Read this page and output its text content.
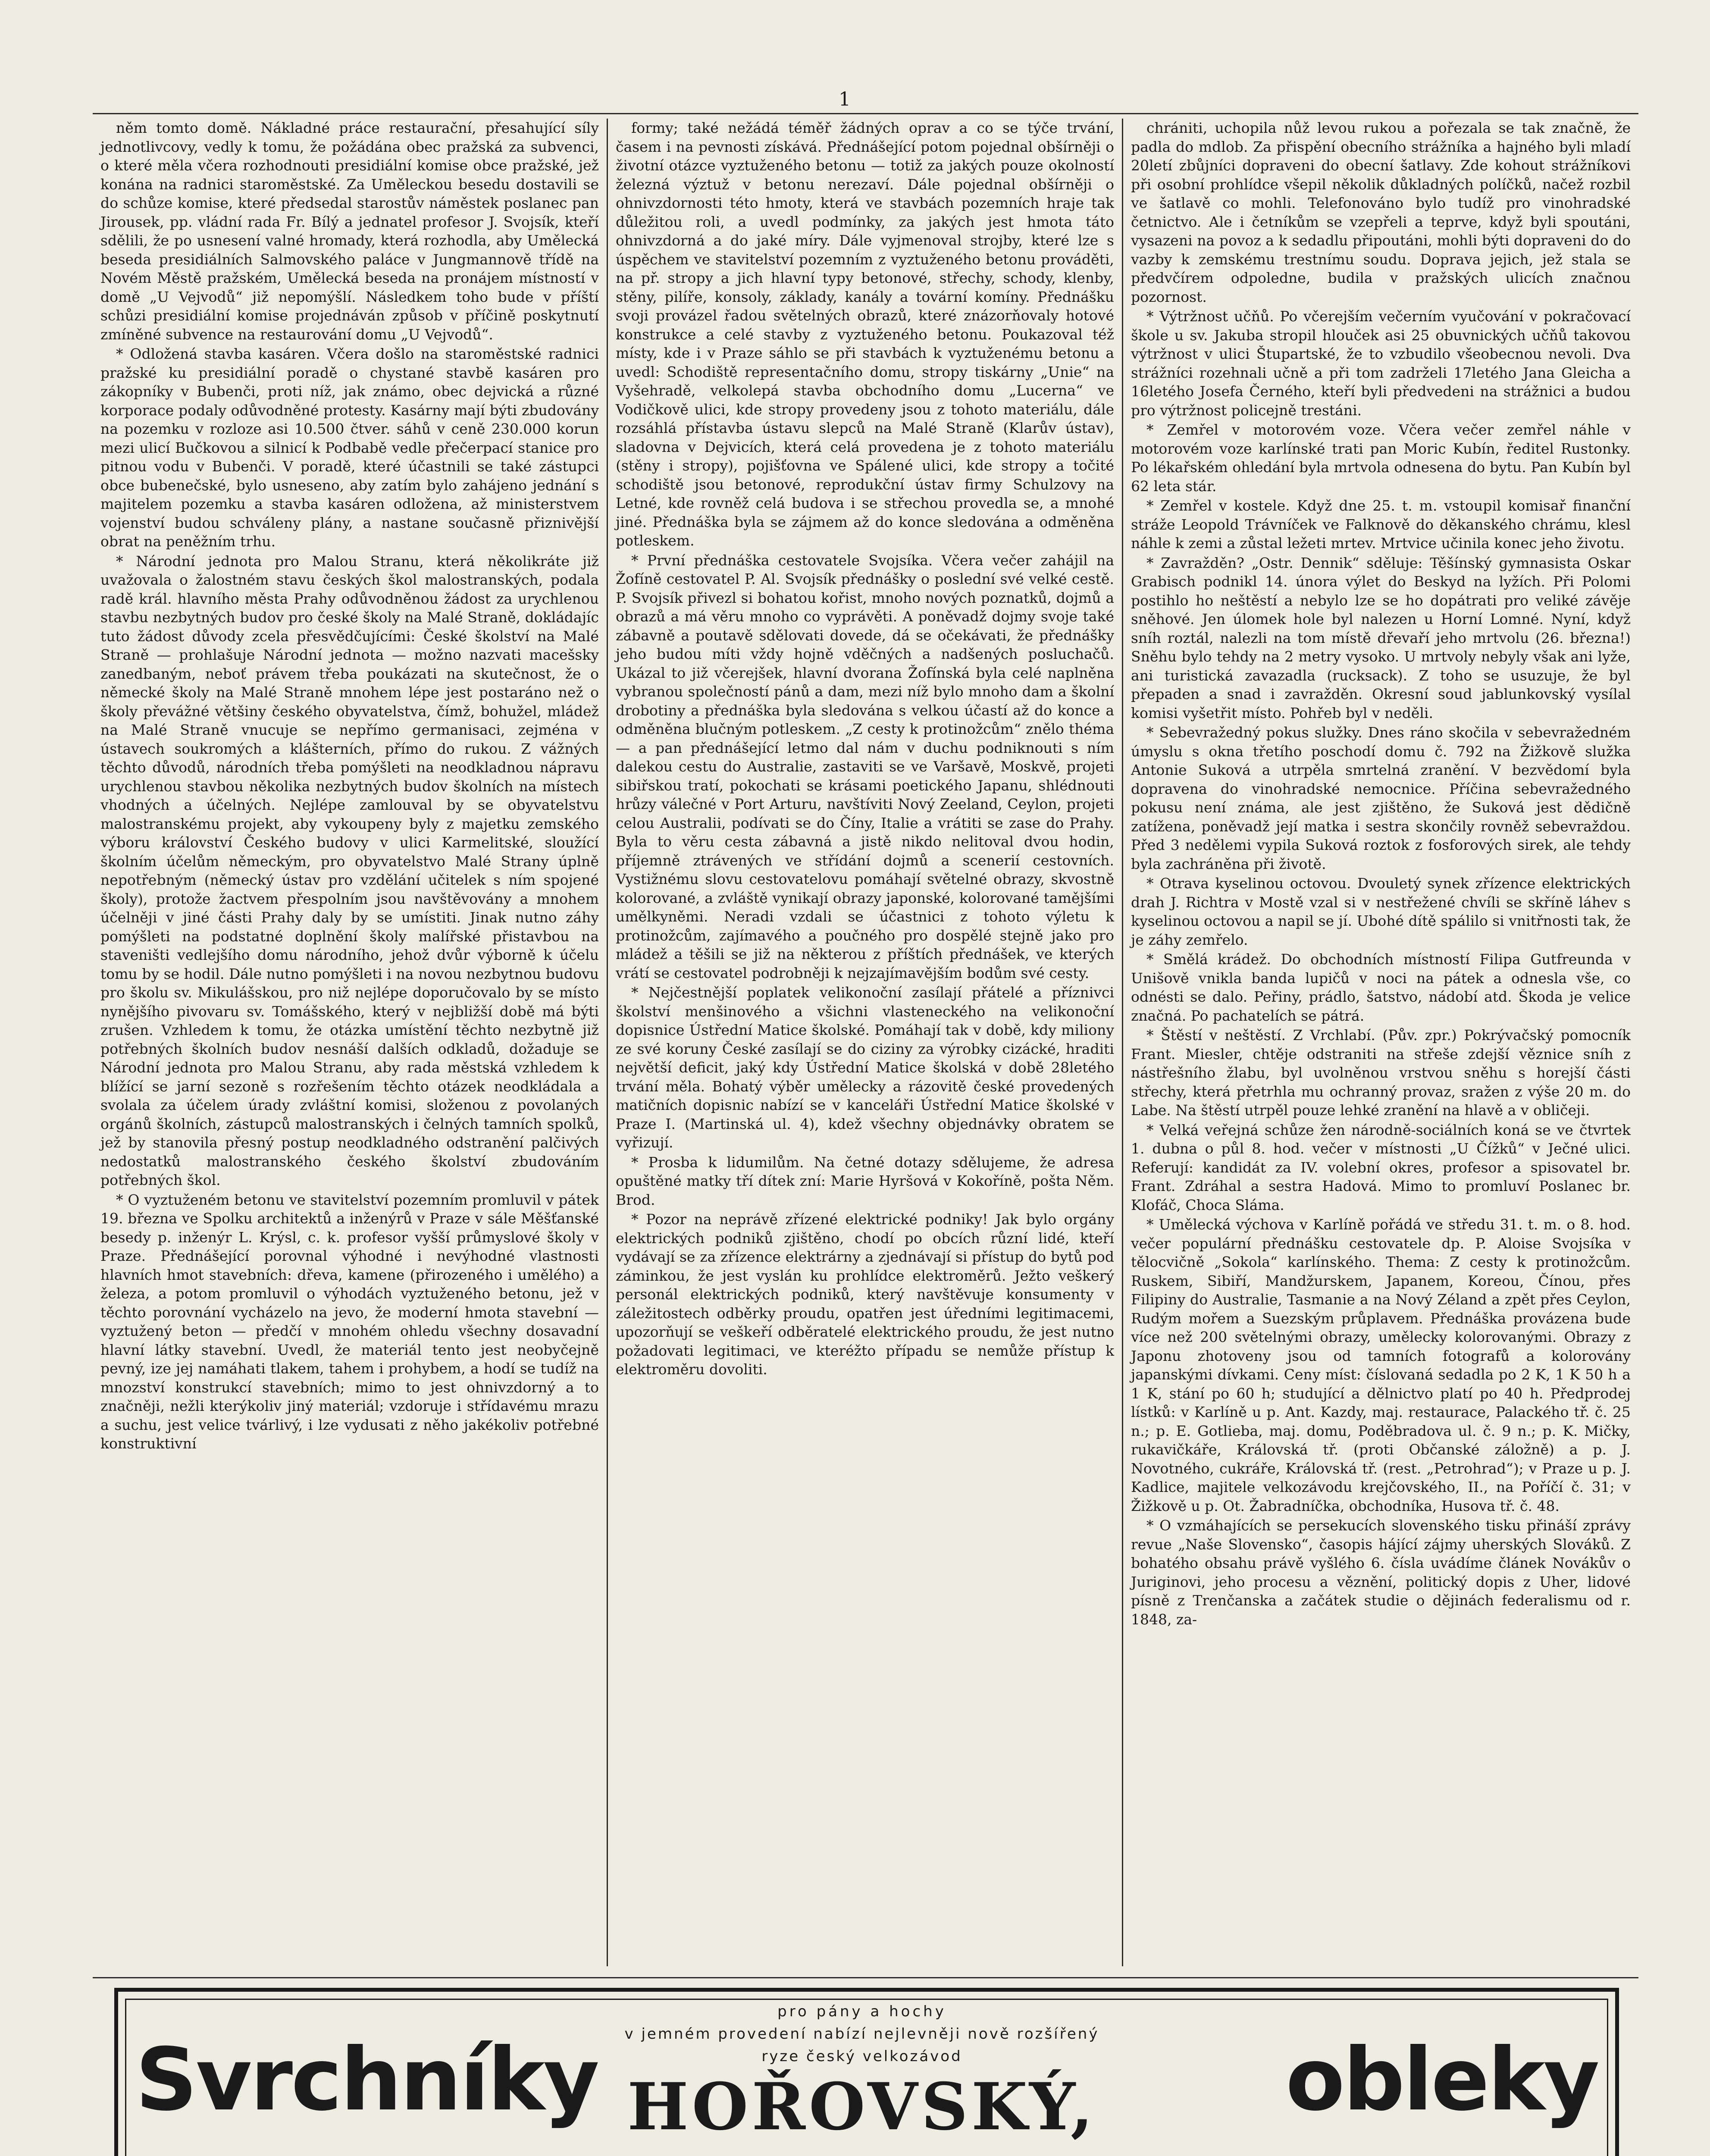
1

něm tomto domě. Nákladné práce restaurační, přesahující síly jednotlivcovy, vedly k tomu, že požádána obec pražská za subvenci, o které měla včera rozhodnouti presidiální komise obce pražské, jež konána na radnici staroměstské. Za Uměleckou besedu dostavili se do schůze komise, které předsedal starostův náměstek poslanec pan Jirousek, pp. vládní rada Fr. Bílý a jednatel profesor J. Svojsík, kteří sdělili, že po usnesení valné hromady, která rozhodla, aby Umělecká beseda presidiálních Salmovského paláce v Jungmannově třídě na Novém Městě pražském, Umělecká beseda na pronájem místností v domě „U Vejvodů“ již nepomýšlí. Následkem toho bude v příští schůzi presidiální komise projednáván způsob v příčině poskytnutí zmíněné subvence na restaurování domu „U Vejvodů“.

* Odložená stavba kasáren. Včera došlo na staroměstské radnici pražské ku presidiální poradě o chystané stavbě kasáren pro zákopníky v Bubenči, proti níž, jak známo, obec dejvická a různé korporace podaly odůvodněné protesty. Kasárny mají býti zbudovány na pozemku v rozloze asi 10.500 čtver. sáhů v ceně 230.000 korun mezi ulicí Bučkovou a silnicí k Podbabě vedle přečerpací stanice pro pitnou vodu v Bubenči. V poradě, které účastnili se také zástupci obce bubenečské, bylo usneseno, aby zatím bylo zahájeno jednání s majitelem pozemku a stavba kasáren odložena, až ministerstvem vojenství budou schváleny plány, a nastane současně přiznivější obrat na peněžním trhu.

* Národní jednota pro Malou Stranu, která několikráte již uvažovala o žalostném stavu českých škol malostranských, podala radě král. hlavního města Prahy odůvodněnou žádost za urychlenou stavbu nezbytných budov pro české školy na Malé Straně, dokládajíc tuto žádost důvody zcela přesvědčujícími: České školství na Malé Straně — prohlašuje Národní jednota — možno nazvati macešsky zanedbaným, neboť právem třeba poukázati na skutečnost, že o německé školy na Malé Straně mnohem lépe jest postaráno než o školy převážné většiny českého obyvatelstva, čímž, bohužel, mládež na Malé Straně vnucuje se nepřímo germanisaci, zejména v ústavech soukromých a klášterních, přímo do rukou. Z vážných těchto důvodů, národních třeba pomýšleti na neodkladnou nápravu urychlenou stavbou několika nezbytných budov školních na místech vhodných a účelných. Nejlépe zamlouval by se obyvatelstvu malostranskému projekt, aby vykoupeny byly z majetku zemského výboru království Českého budovy v ulici Karmelitské, sloužící školním účelům německým, pro obyvatelstvo Malé Strany úplně nepotřebným (německý ústav pro vzdělání učitelek s ním spojené školy), protože žactvem přespolním jsou navštěvovány a mnohem účelněji v jiné části Prahy daly by se umístiti. Jinak nutno záhy pomýšleti na podstatné doplnění školy malířské přistavbou na staveništi vedlejšího domu národního, jehož dvůr výborně k účelu tomu by se hodil. Dále nutno pomýšleti i na novou nezbytnou budovu pro školu sv. Mikulášskou, pro niž nejlépe doporučovalo by se místo nynějšího pivovaru sv. Tomášského, který v nejbližší době má býti zrušen. Vzhledem k tomu, že otázka umístění těchto nezbytně již potřebných školních budov nesnáší dalších odkladů, dožaduje se Národní jednota pro Malou Stranu, aby rada městská vzhledem k blížící se jarní sezoně s rozřešením těchto otázek neodkládala a svolala za účelem úrady zvláštní komisi, složenou z povolaných orgánů školních, zástupců malostranských i čelných tamních spolků, jež by stanovila přesný postup neodkladného odstranění palčivých nedostatků malostranského českého školství zbudováním potřebných škol.

* O vyztuženém betonu ve stavitelství pozemním promluvil v pátek 19. března ve Spolku architektů a inženýrů v Praze v sále Měšťanské besedy p. inženýr L. Krýsl, c. k. profesor vyšší průmyslové školy v Praze. Přednášející porovnal výhodné i nevýhodné vlastnosti hlavních hmot stavebních: dřeva, kamene (přirozeného i umělého) a železa, a potom promluvil o výhodách vyztuženého betonu, jež v těchto porovnání vycházelo na jevo, že moderní hmota stavební — vyztužený beton — předčí v mnohém ohledu všechny dosavadní hlavní látky stavební. Uvedl, že materiál tento jest neobyčejně pevný, ize jej namáhati tlakem, tahem i prohybem, a hodí se tudíž na mnozství konstrukcí stavebních; mimo to jest ohnivzdorný a to značněji, nežli kterýkoliv jiný materiál; vzdoruje i střídavému mrazu a suchu, jest velice tvárlivý, i lze vydusati z něho jakékoliv potřebné konstruktivní

formy; také nežádá téměř žádných oprav a co se týče trvání, časem i na pevnosti získává. Přednášející potom pojednal obšírněji o životní otázce vyztuženého betonu — totiž za jakých pouze okolností železná výztuž v betonu nerezaví. Dále pojednal obšírněji o ohnivzdornosti této hmoty, která ve stavbách pozemních hraje tak důležitou roli, a uvedl podmínky, za jakých jest hmota táto ohnivzdorná a do jaké míry. Dále vyjmenoval strojby, které lze s úspěchem ve stavitelství pozemním z vyztuženého betonu prováděti, na př. stropy a jich hlavní typy betonové, střechy, schody, klenby, stěny, pilíře, konsoly, základy, kanály a tovární komíny. Přednášku svoji provázel řadou světelných obrazů, které znázorňovaly hotové konstrukce a celé stavby z vyztuženého betonu. Poukazoval též místy, kde i v Praze sáhlo se při stavbách k vyztuženému betonu a uvedl: Schodiště representačního domu, stropy tiskárny „Unie“ na Vyšehradě, velkolepá stavba obchodního domu „Lucerna“ ve Vodičkově ulici, kde stropy provedeny jsou z tohoto materiálu, dále rozsáhlá přístavba ústavu slepců na Malé Straně (Klarův ústav), sladovna v Dejvicích, která celá provedena je z tohoto materiálu (stěny i stropy), pojišťovna ve Spálené ulici, kde stropy a točité schodiště jsou betonové, reprodukční ústav firmy Schulzovy na Letné, kde rovněž celá budova i se střechou provedla se, a mnohé jiné. Přednáška byla se zájmem až do konce sledována a odměněna potleskem.

* První přednáška cestovatele Svojsíka. Včera večer zahájil na Žofíně cestovatel P. Al. Svojsík přednášky o poslední své velké cestě. P. Svojsík přivezl si bohatou kořist, mnoho nových poznatků, dojmů a obrazů a má věru mnoho co vyprávěti. A poněvadž dojmy svoje také zábavně a poutavě sdělovati dovede, dá se očekávati, že přednášky jeho budou míti vždy hojně vděčných a nadšených posluchačů. Ukázal to již včerejšek, hlavní dvorana Žofínská byla celé naplněna vybranou společností pánů a dam, mezi níž bylo mnoho dam a školní drobotiny a přednáška byla sledována s velkou účastí až do konce a odměněna blučným potleskem. „Z cesty k protinožcům“ znělo théma — a pan přednášející letmo dal nám v duchu podniknouti s ním dalekou cestu do Australie, zastaviti se ve Varšavě, Moskvě, projeti sibiřskou tratí, pokochati se krásami poetického Japanu, shlédnouti hrůzy válečné v Port Arturu, navštíviti Nový Zeeland, Ceylon, projeti celou Australii, podívati se do Číny, Italie a vrátiti se zase do Prahy. Byla to věru cesta zábavná a jistě nikdo nelitoval dvou hodin, příjemně ztrávených ve střídání dojmů a scenerií cestovních. Vystižnému slovu cestovatelovu pomáhají světelné obrazy, skvostně kolorované, a zvláště vynikají obrazy japonské, kolorované tamějšími umělkyněmi. Neradi vzdali se účastnici z tohoto výletu k protinožcům, zajímavého a poučného pro dospělé stejně jako pro mládež a těšili se již na některou z příštích přednášek, ve kterých vrátí se cestovatel podrobněji k nejzajímavějším bodům své cesty.

* Nejčestnější poplatek velikonoční zasílají přátelé a příznivci školství menšinového a všichni vlasteneckého na velikonoční dopisnice Ústřední Matice školské. Pomáhají tak v době, kdy miliony ze své koruny České zasílají se do ciziny za výrobky cizácké, hraditi největší deficit, jaký kdy Ústřední Matice školská v době 28letého trvání měla. Bohatý výběr umělecky a rázovitě české provedených matičních dopisnic nabízí se v kanceláři Ústřední Matice školské v Praze I. (Martinská ul. 4), kdež všechny objednávky obratem se vyřizují.

* Prosba k lidumilům. Na četné dotazy sdělujeme, že adresa opuštěné matky tří dítek zní: Marie Hyršová v Kokoříně, pošta Něm. Brod.

* Pozor na neprávě zřízené elektrické podniky! Jak bylo orgány elektrických podniků zjištěno, chodí po obcích různí lidé, kteří vydávají se za zřízence elektrárny a zjednávají si přístup do bytů pod záminkou, že jest vyslán ku prohlídce elektroměrů. Ježto veškerý personál elektrických podniků, který navštěvuje konsumenty v záležitostech odběrky proudu, opatřen jest úředními legitimacemi, upozorňují se veškeří odběratelé elektrického proudu, že jest nutno požadovati legitimaci, ve kteréžto případu se nemůže přístup k elektroměru dovoliti.

chrániti, uchopila nůž levou rukou a pořezala se tak značně, že padla do mdlob. Za přispění obecního strážníka a hajného byli mladí 20letí zbůjníci dopraveni do obecní šatlavy. Zde kohout strážníkovi při osobní prohlídce všepil několik důkladných políčků, načež rozbil ve šatlavě co mohli. Telefonováno bylo tudíž pro vinohradské četnictvo. Ale i četníkům se vzepřeli a teprve, když byli spoutáni, vysazeni na povoz a k sedadlu připoutáni, mohli býti dopraveni do do vazby k zemskému trestnímu soudu. Doprava jejich, jež stala se předvčírem odpoledne, budila v pražských ulicích značnou pozornost.

* Výtržnost učňů. Po včerejším večerním vyučování v pokračovací škole u sv. Jakuba stropil hlouček asi 25 obuvnických učňů takovou výtržnost v ulici Štupartské, že to vzbudilo všeobecnou nevoli. Dva strážníci rozehnali učně a při tom zadrželi 17letého Jana Gleicha a 16letého Josefa Černého, kteří byli předvedeni na strážnici a budou pro výtržnost policejně trestáni.

* Zemřel v motorovém voze. Včera večer zemřel náhle v motorovém voze karlínské trati pan Moric Kubín, ředitel Rustonky. Po lékařském ohledání byla mrtvola odnesena do bytu. Pan Kubín byl 62 leta stár.

* Zemřel v kostele. Když dne 25. t. m. vstoupil komisař finanční stráže Leopold Trávníček ve Falknově do děkanského chrámu, klesl náhle k zemi a zůstal ležeti mrtev. Mrtvice učinila konec jeho životu.

* Zavražděn? „Ostr. Dennik“ sděluje: Těšínský gymnasista Oskar Grabisch podnikl 14. února výlet do Beskyd na lyžích. Při Polomi postihlo ho neštěstí a nebylo lze se ho dopátrati pro veliké závěje sněhové. Jen úlomek hole byl nalezen u Horní Lomné. Nyní, když sníh roztál, nalezli na tom místě dřevaří jeho mrtvolu (26. března!) Sněhu bylo tehdy na 2 metry vysoko. U mrtvoly nebyly však ani lyže, ani turistická zavazadla (rucksack). Z toho se usuzuje, že byl přepaden a snad i zavražděn. Okresní soud jablunkovský vysílal komisi vyšetřit místo. Pohřeb byl v neděli.

* Sebevražedný pokus služky. Dnes ráno skočila v sebevražedném úmyslu s okna třetího poschodí domu č. 792 na Žižkově služka Antonie Suková a utrpěla smrtelná zranění. V bezvědomí byla dopravena do vinohradské nemocnice. Příčina sebevražedného pokusu není známa, ale jest zjištěno, že Suková jest dědičně zatížena, poněvadž její matka i sestra skončily rovněž sebevraždou. Před 3 nedělemi vypila Suková roztok z fosforových sirek, ale tehdy byla zachráněna při životě.

* Otrava kyselinou octovou. Dvouletý synek zřízence elektrických drah J. Richtra v Mostě vzal si v nestřežené chvíli se skříně láhev s kyselinou octovou a napil se jí. Ubohé dítě spálilo si vnitřnosti tak, že je záhy zemřelo.

* Smělá krádež. Do obchodních místností Filipa Gutfreunda v Unišově vnikla banda lupičů v noci na pátek a odnesla vše, co odnésti se dalo. Peřiny, prádlo, šatstvo, nádobí atd. Škoda je velice značná. Po pachatelích se pátrá.

* Štěstí v neštěstí. Z Vrchlabí. (Pův. zpr.) Pokrývačský pomocník Frant. Miesler, chtěje odstraniti na střeše zdejší věznice sníh z nástřešního žlabu, byl uvolněnou vrstvou sněhu s horejší části střechy, která přetrhla mu ochranný provaz, sražen z výše 20 m. do Labe. Na štěstí utrpěl pouze lehké zranění na hlavě a v obličeji.

* Velká veřejná schůze žen národně-sociálních koná se ve čtvrtek 1. dubna o půl 8. hod. večer v místnosti „U Čížků“ v Ječné ulici. Referují: kandidát za IV. volební okres, profesor a spisovatel br. Frant. Zdráhal a sestra Hadová. Mimo to promluví Poslanec br. Klofáč, Choca Sláma.

* Umělecká výchova v Karlíně pořádá ve středu 31. t. m. o 8. hod. večer populární přednášku cestovatele dp. P. Aloise Svojsíka v tělocvičně „Sokola“ karlínského. Thema: Z cesty k protinožcům. Ruskem, Sibiří, Mandžurskem, Japanem, Koreou, Čínou, přes Filipiny do Australie, Tasmanie a na Nový Zéland a zpět přes Ceylon, Rudým mořem a Suezským průplavem. Přednáška provázena bude více než 200 světelnými obrazy, umělecky kolorovanými. Obrazy z Japonu zhotoveny jsou od tamních fotografů a kolorovány japanskými dívkami. Ceny míst: číslovaná sedadla po 2 K, 1 K 50 h a 1 K, stání po 60 h; studující a dělnictvo platí po 40 h. Předprodej lístků: v Karlíně u p. Ant. Kazdy, maj. restaurace, Palackého tř. č. 25 n.; p. E. Gotlieba, maj. domu, Poděbradova ul. č. 9 n.; p. K. Mičky, rukavičkáře, Královská tř. (proti Občanské záložně) a p. J. Novotného, cukráře, Královská tř. (rest. „Petrohrad“); v Praze u p. J. Kadlice, majitele velkozávodu krejčovského, II., na Poříčí č. 31; v Žižkově u p. Ot. Žabradníčka, obchodníka, Husova tř. č. 48.

* O vzmáhajících se persekucích slovenského tisku přináší zprávy revue „Naše Slovensko“, časopis hájící zájmy uherských Slováků. Z bohatého obsahu právě vyšlého 6. čísla uvádíme článek Novákův o Juriginovi, jeho procesu a věznění, politický dopis z Uher, lidové písně z Trenčanska a začátek studie o dějinách federalismu od r. 1848, za-

Svrchníky	obleky
pro pány a hochy
v jemném provedení nabízí nejlevněji nově rozšířený
ryze český velkozávod
HOŘOVSKÝ,
